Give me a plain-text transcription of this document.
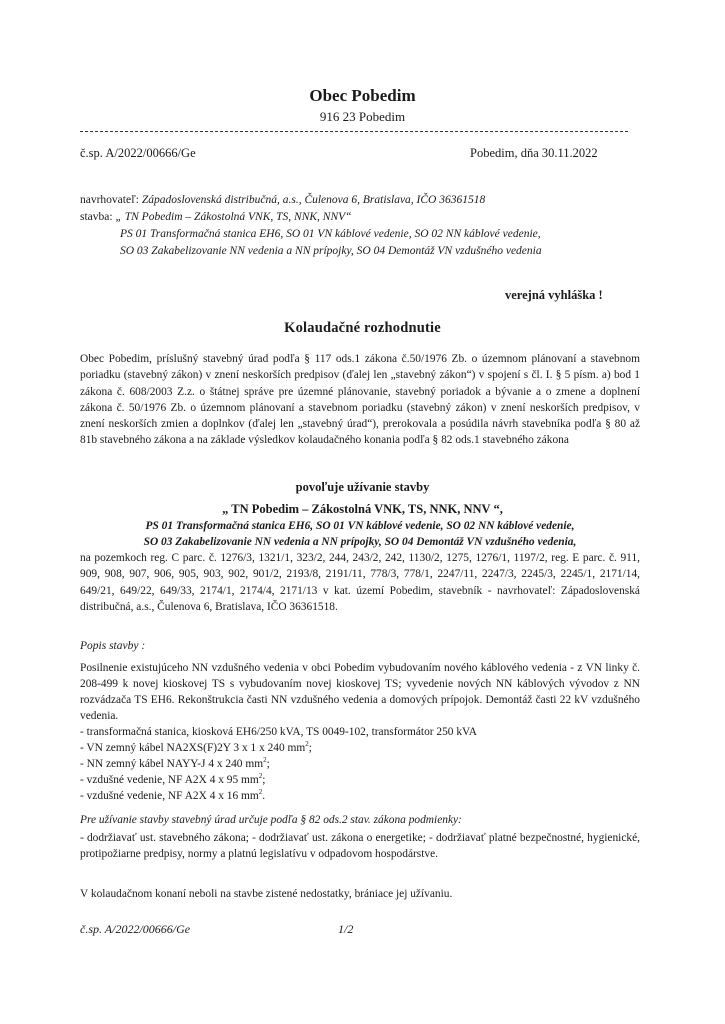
Obec Pobedim
916 23 Pobedim
č.sp. A/2022/00666/Ge	Pobedim, dňa 30.11.2022
navrhovateľ: Západoslovenská distribučná, a.s., Čulenova 6, Bratislava, IČO 36361518
stavba: „ TN Pobedim – Zákostolná VNK, TS, NNK, NNV“
PS 01 Transformačná stanica EH6, SO 01 VN káblové vedenie, SO 02 NN káblové vedenie,
SO 03 Zakabelizovanie NN vedenia a NN prípojky, SO 04 Demontáž VN vzdušného vedenia
verejná vyhláška !
Kolaudačné rozhodnutie
Obec Pobedim, príslušný stavebný úrad podľa § 117 ods.1 zákona č.50/1976 Zb. o územnom plánovaní a stavebnom poriadku (stavebný zákon) v znení neskorších predpisov (ďalej len „stavebný zákon“) v spojení s čl. I. § 5 písm. a) bod 1 zákona č. 608/2003 Z.z. o štátnej správe pre územné plánovanie, stavebný poriadok a bývanie a o zmene a doplnení zákona č. 50/1976 Zb. o územnom plánovaní a stavebnom poriadku (stavebný zákon) v znení neskorších predpisov, v znení neskorších zmien a doplnkov (ďalej len „stavebný úrad“), prerokovala a posúdila návrh stavebníka podľa § 80 až 81b stavebného zákona a na základe výsledkov kolaudačného konania podľa § 82 ods.1 stavebného zákona
povoľuje užívanie stavby
„ TN Pobedim – Zákostolná VNK, TS, NNK, NNV “,
PS 01 Transformačná stanica EH6, SO 01 VN káblové vedenie, SO 02 NN káblové vedenie,
SO 03 Zakabelizovanie NN vedenia a NN prípojky, SO 04 Demontáž VN vzdušného vedenia,
na pozemkoch reg. C parc. č. 1276/3, 1321/1, 323/2, 244, 243/2, 242, 1130/2, 1275, 1276/1, 1197/2, reg. E parc. č. 911, 909, 908, 907, 906, 905, 903, 902, 901/2, 2193/8, 2191/11, 778/3, 778/1, 2247/11, 2247/3, 2245/3, 2245/1, 2171/14, 649/21, 649/22, 649/33, 2174/1, 2174/4, 2171/13 v kat. území Pobedim, stavebník - navrhovateľ: Západoslovenská distribučná, a.s., Čulenova 6, Bratislava, IČO 36361518.
Popis stavby :
Posilnenie existujúceho NN vzdušného vedenia v obci Pobedim vybudovaním nového káblového vedenia - z VN linky č. 208-499 k novej kioskovej TS s vybudovaním novej kioskovej TS; vyvedenie nových NN káblových vývodov z NN rozvádzača TS EH6. Rekonštrukcia časti NN vzdušného vedenia a domových prípojok. Demontáž časti 22 kV vzdušného vedenia.
- transformačná stanica, kiosková EH6/250 kVA, TS 0049-102, transformátor 250 kVA
- VN zemný kábel NA2XS(F)2Y 3 x 1 x 240 $mm^2$;
- NN zemný kábel NAYY-J 4 x 240 $mm^2$;
- vzdušné vedenie, NF A2X 4 x 95 $mm^2$;
- vzdušné vedenie, NF A2X 4 x 16 $mm^2$.
Pre užívanie stavby stavebný úrad určuje podľa § 82 ods.2 stav. zákona podmienky:
- dodržiavať ust. stavebného zákona; - dodržiavať ust. zákona o energetike; - dodržiavať platné bezpečnostné, hygienické, protipožiarne predpisy, normy a platnú legislatívu v odpadovom hospodárstve.
V kolaudačnom konaní neboli na stavbe zistené nedostatky, brániace jej užívaniu.
č.sp. A/2022/00666/Ge	1/2
